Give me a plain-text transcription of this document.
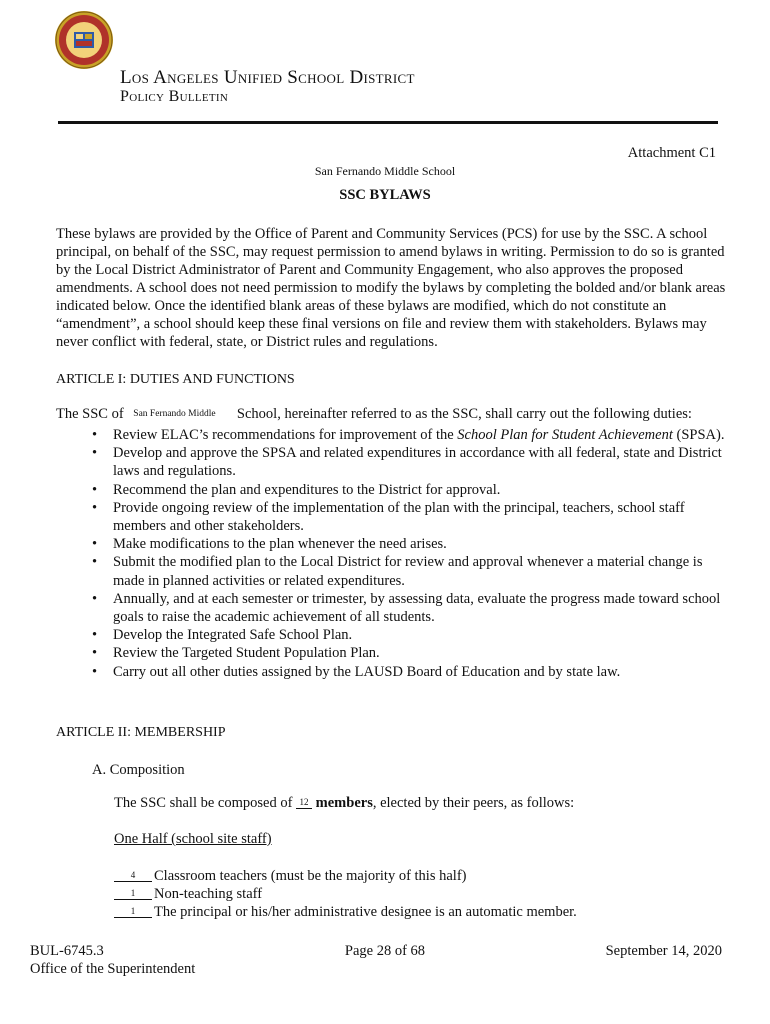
Los Angeles Unified School District
Policy Bulletin
Attachment C1
San Fernando Middle School
SSC BYLAWS

These bylaws are provided by the Office of Parent and Community Services (PCS) for use by the SSC. A school principal, on behalf of the SSC, may request permission to amend bylaws in writing. Permission to do so is granted by the Local District Administrator of Parent and Community Engagement, who also approves the proposed amendments. A school does not need permission to modify the bylaws by completing the bolded and/or blank areas indicated below. Once the identified blank areas of these bylaws are modified, which do not constitute an “amendment”, a school should keep these final versions on file and review them with stakeholders. Bylaws may never conflict with federal, state, or District rules and regulations.

ARTICLE I: DUTIES AND FUNCTIONS
The SSC of San Fernando Middle School, hereinafter referred to as the SSC, shall carry out the following duties:
• Review ELAC’s recommendations for improvement of the School Plan for Student Achievement (SPSA).
• Develop and approve the SPSA and related expenditures in accordance with all federal, state and District laws and regulations.
• Recommend the plan and expenditures to the District for approval.
• Provide ongoing review of the implementation of the plan with the principal, teachers, school staff members and other stakeholders.
• Make modifications to the plan whenever the need arises.
• Submit the modified plan to the Local District for review and approval whenever a material change is made in planned activities or related expenditures.
• Annually, and at each semester or trimester, by assessing data, evaluate the progress made toward school goals to raise the academic achievement of all students.
• Develop the Integrated Safe School Plan.
• Review the Targeted Student Population Plan.
• Carry out all other duties assigned by the LAUSD Board of Education and by state law.
ARTICLE II: MEMBERSHIP
A. Composition
The SSC shall be composed of 12 members, elected by their peers, as follows:
One Half (school site staff)
4 Classroom teachers (must be the majority of this half)
1 Non-teaching staff
1 The principal or his/her administrative designee is an automatic member.
BUL-6745.3
Office of the Superintendent
Page 28 of 68	September 14, 2020
